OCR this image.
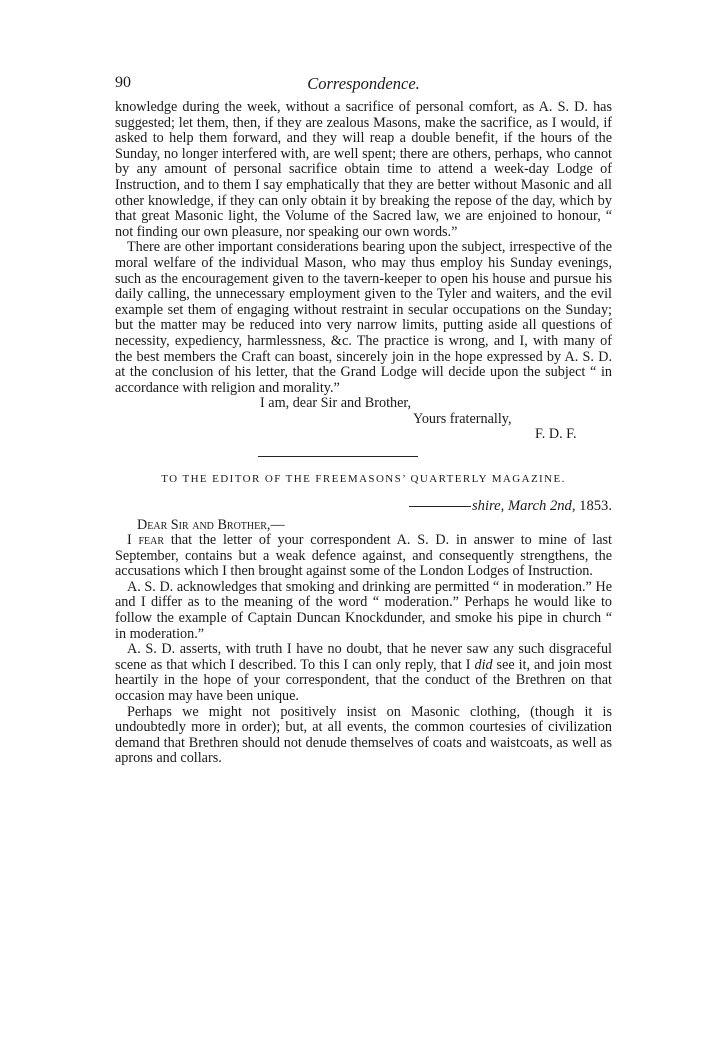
90	Correspondence.

knowledge during the week, without a sacrifice of personal comfort, as A. S. D. has suggested; let them, then, if they are zealous Masons, make the sacrifice, as I would, if asked to help them forward, and they will reap a double benefit, if the hours of the Sunday, no longer interfered with, are well spent; there are others, perhaps, who cannot by any amount of personal sacrifice obtain time to attend a week-day Lodge of Instruction, and to them I say emphatically that they are better without Masonic and all other knowledge, if they can only obtain it by breaking the repose of the day, which by that great Masonic light, the Volume of the Sacred law, we are enjoined to honour, “ not finding our own pleasure, nor speaking our own words.”

There are other important considerations bearing upon the subject, irrespective of the moral welfare of the individual Mason, who may thus employ his Sunday evenings, such as the encouragement given to the tavern-keeper to open his house and pursue his daily calling, the unnecessary employment given to the Tyler and waiters, and the evil example set them of engaging without restraint in secular occupations on the Sunday; but the matter may be reduced into very narrow limits, putting aside all questions of necessity, expediency, harmlessness, &c. The practice is wrong, and I, with many of the best members the Craft can boast, sincerely join in the hope expressed by A. S. D. at the conclusion of his letter, that the Grand Lodge will decide upon the subject “ in accordance with religion and morality.”

I am, dear Sir and Brother,
Yours fraternally,
F. D. F.
TO THE EDITOR OF THE FREEMASONS’ QUARTERLY MAGAZINE.
shire, March 2nd, 1853.
Dear Sir and Brother,—

I fear that the letter of your correspondent A. S. D. in answer to mine of last September, contains but a weak defence against, and consequently strengthens, the accusations which I then brought against some of the London Lodges of Instruction.

A. S. D. acknowledges that smoking and drinking are permitted “ in moderation.” He and I differ as to the meaning of the word “ moderation.” Perhaps he would like to follow the example of Captain Duncan Knockdunder, and smoke his pipe in church “ in moderation.”

A. S. D. asserts, with truth I have no doubt, that he never saw any such disgraceful scene as that which I described. To this I can only reply, that I did see it, and join most heartily in the hope of your correspondent, that the conduct of the Brethren on that occasion may have been unique.

Perhaps we might not positively insist on Masonic clothing, (though it is undoubtedly more in order); but, at all events, the common courtesies of civilization demand that Brethren should not denude themselves of coats and waistcoats, as well as aprons and collars.
